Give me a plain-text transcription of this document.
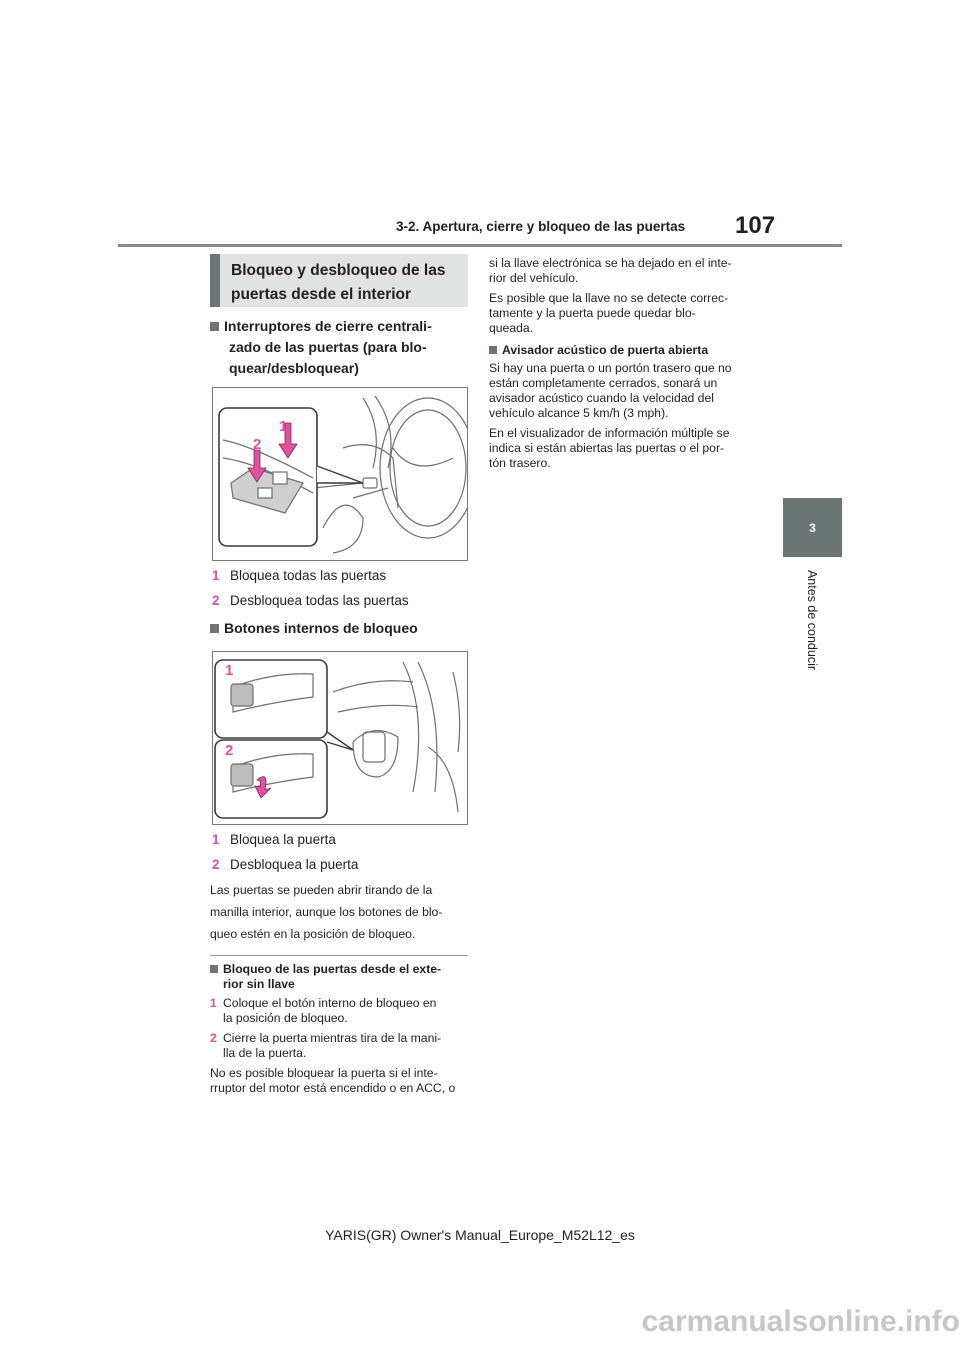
3-2. Apertura, cierre y bloqueo de las puertas 107
3
Antes de conducir
Bloqueo y desbloqueo de las
puertas desde el interior
Interruptores de cierre centrali-
zado de las puertas (para blo-
quear/desbloquear)
1
2
1 Bloquea todas las puertas
2 Desbloquea todas las puertas
Botones internos de bloqueo
1
2
1 Bloquea la puerta
2 Desbloquea la puerta
Las puertas se pueden abrir tirando de la
manilla interior, aunque los botones de blo-
queo estén en la posición de bloqueo.
Bloqueo de las puertas desde el exte-
rior sin llave
1 Coloque el botón interno de bloqueo en
la posición de bloqueo.
2 Cierre la puerta mientras tira de la mani-
lla de la puerta.
No es posible bloquear la puerta si el inte-
rruptor del motor está encendido o en ACC, o
si la llave electrónica se ha dejado en el inte-
rior del vehículo.
Es posible que la llave no se detecte correc-
tamente y la puerta puede quedar blo-
queada.
Avisador acústico de puerta abierta
Si hay una puerta o un portón trasero que no
están completamente cerrados, sonará un
avisador acústico cuando la velocidad del
vehículo alcance 5 km/h (3 mph).
En el visualizador de información múltiple se
indica si están abiertas las puertas o el por-
tón trasero.
YARIS(GR) Owner's Manual_Europe_M52L12_es
carmanualsonline.info
